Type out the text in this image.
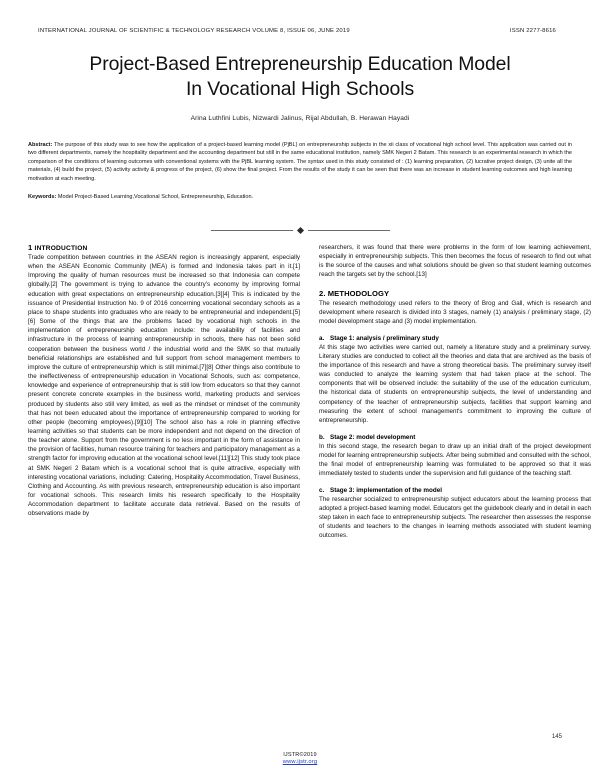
INTERNATIONAL JOURNAL OF SCIENTIFIC & TECHNOLOGY RESEARCH VOLUME 8, ISSUE 06, JUNE 2019	ISSN 2277-8616
Project-Based Entrepreneurship Education Model
In Vocational High Schools
Arina Luthfini Lubis, Nizwardi Jalinus, Rijal Abdullah, B. Herawan Hayadi

Abstract: The purpose of this study was to see how the application of a project-based learning model (PjBL) on entrepreneurship subjects in the xii class of vocational high school level. This application was carried out in two different departments, namely the hospitality department and the accounting department but still in the same educational institution, namely SMK Negeri 2 Batam. This research is an experimental research in which the comparison of the conditions of learning outcomes with conventional systems with the PjBL learning system. The syntax used in this study consisted of : (1) learning preparation, (2) lucrative project design, (3) unite all the materials, (4) build the project, (5) activity activity & progress of the project, (6) show the final project. From the results of the study it can be seen that there was an increase in student learning outcomes and high learning motivation at each meeting.

Keywords: Model Project-Based Learning,Vocational School, Entrepreneurship, Education.

1 INTRODUCTION

Trade competition between countries in the ASEAN region is increasingly apparent, especially when the ASEAN Economic Community (MEA) is formed and Indonesia takes part in it.[1] Improving the quality of human resources must be increased so that Indonesia can compete globally.[2] The government is trying to advance the country's economy by improving formal education with great expectations on entrepreneurship education.[3][4] This is indicated by the issuance of Presidential Instruction No. 9 of 2016 concerning vocational secondary schools as a place to shape students into graduates who are ready to be entrepreneurial and independent.[5][6] Some of the things that are the problems faced by vocational high schools in the implementation of entrepreneurship education include: the availability of facilities and infrastructure in the process of learning entrepreneurship in schools, there has not been solid cooperation between the business world / the industrial world and the SMK so that mutually beneficial relationships are established and full support from school management members to improve the culture of entrepreneurship which is still minimal.[7][8] Other things also contribute to the ineffectiveness of entrepreneurship education in Vocational Schools, such as: competence, knowledge and experience of entrepreneurship that is still low from educators so that they cannot present concrete concrete examples in the business world, marketing products and services produced by students also still very limited, as well as the mindset or mindset of the community that has not been educated about the importance of entrepreneurship compared to working for other people (becoming employees).[9][10] The school also has a role in planning effective learning activities so that students can be more independent and not depend on the direction of the teacher alone. Support from the government is no less important in the form of assistance in the provision of facilities, human resource training for teachers and participatory management as a strength factor for improving education at the vocational school level.[11][12] This study took place at SMK Negeri 2 Batam which is a vocational school that is quite attractive, especially with interesting vocational variations, including: Catering, Hospitality Accommodation, Travel Business, Clothing and Accounting. As with previous research, entrepreneurship education is also important for vocational schools. This research limits his research specifically to the Hospitality Accommodation department to facilitate accurate data retrieval. Based on the results of observations made by

researchers, it was found that there were problems in the form of low learning achievement, especially in entrepreneurship subjects. This then becomes the focus of research to find out what is the source of the causes and what solutions should be given so that student learning outcomes reach the targets set by the school.[13]

2. METHODOLOGY

The research methodology used refers to the theory of Brog and Gall, which is research and development where research is divided into 3 stages, namely (1) analysis / preliminary stage, (2) model development stage and (3) model implementation.

a. Stage 1: analysis / preliminary study

At this stage two activities were carried out, namely a literature study and a preliminary survey. Literary studies are conducted to collect all the theories and data that are archived as the basis of the importance of this research and have a strong theoretical basis. The preliminary survey itself was conducted to analyze the learning system that had taken place at the school. The components that will be observed include: the suitability of the use of the education curriculum, the historical data of students on entrepreneurship subjects, the level of understanding and competency of the teacher of entrepreneurship subjects, facilities that support learning and measuring the extent of school management's commitment to improving the culture of entrepreneurship.

b. Stage 2: model development

In this second stage, the research began to draw up an initial draft of the project development model for learning entrepreneurship subjects. After being submitted and consulted with the school, the final model of entrepreneurship learning was formulated to be approved so that it was immediately tested to students under the supervision and full guidance of the teaching staff.

c. Stage 3: implementation of the model

The researcher socialized to entrepreneurship subject educators about the learning process that adopted a project-based learning model. Educators get the guidebook clearly and in detail in each step taken in each face to entrepreneurship subjects. The researcher then assesses the response of students and teachers to the changes in learning methods associated with student learning outcomes.

145
IJSTR©2019
www.ijstr.org
